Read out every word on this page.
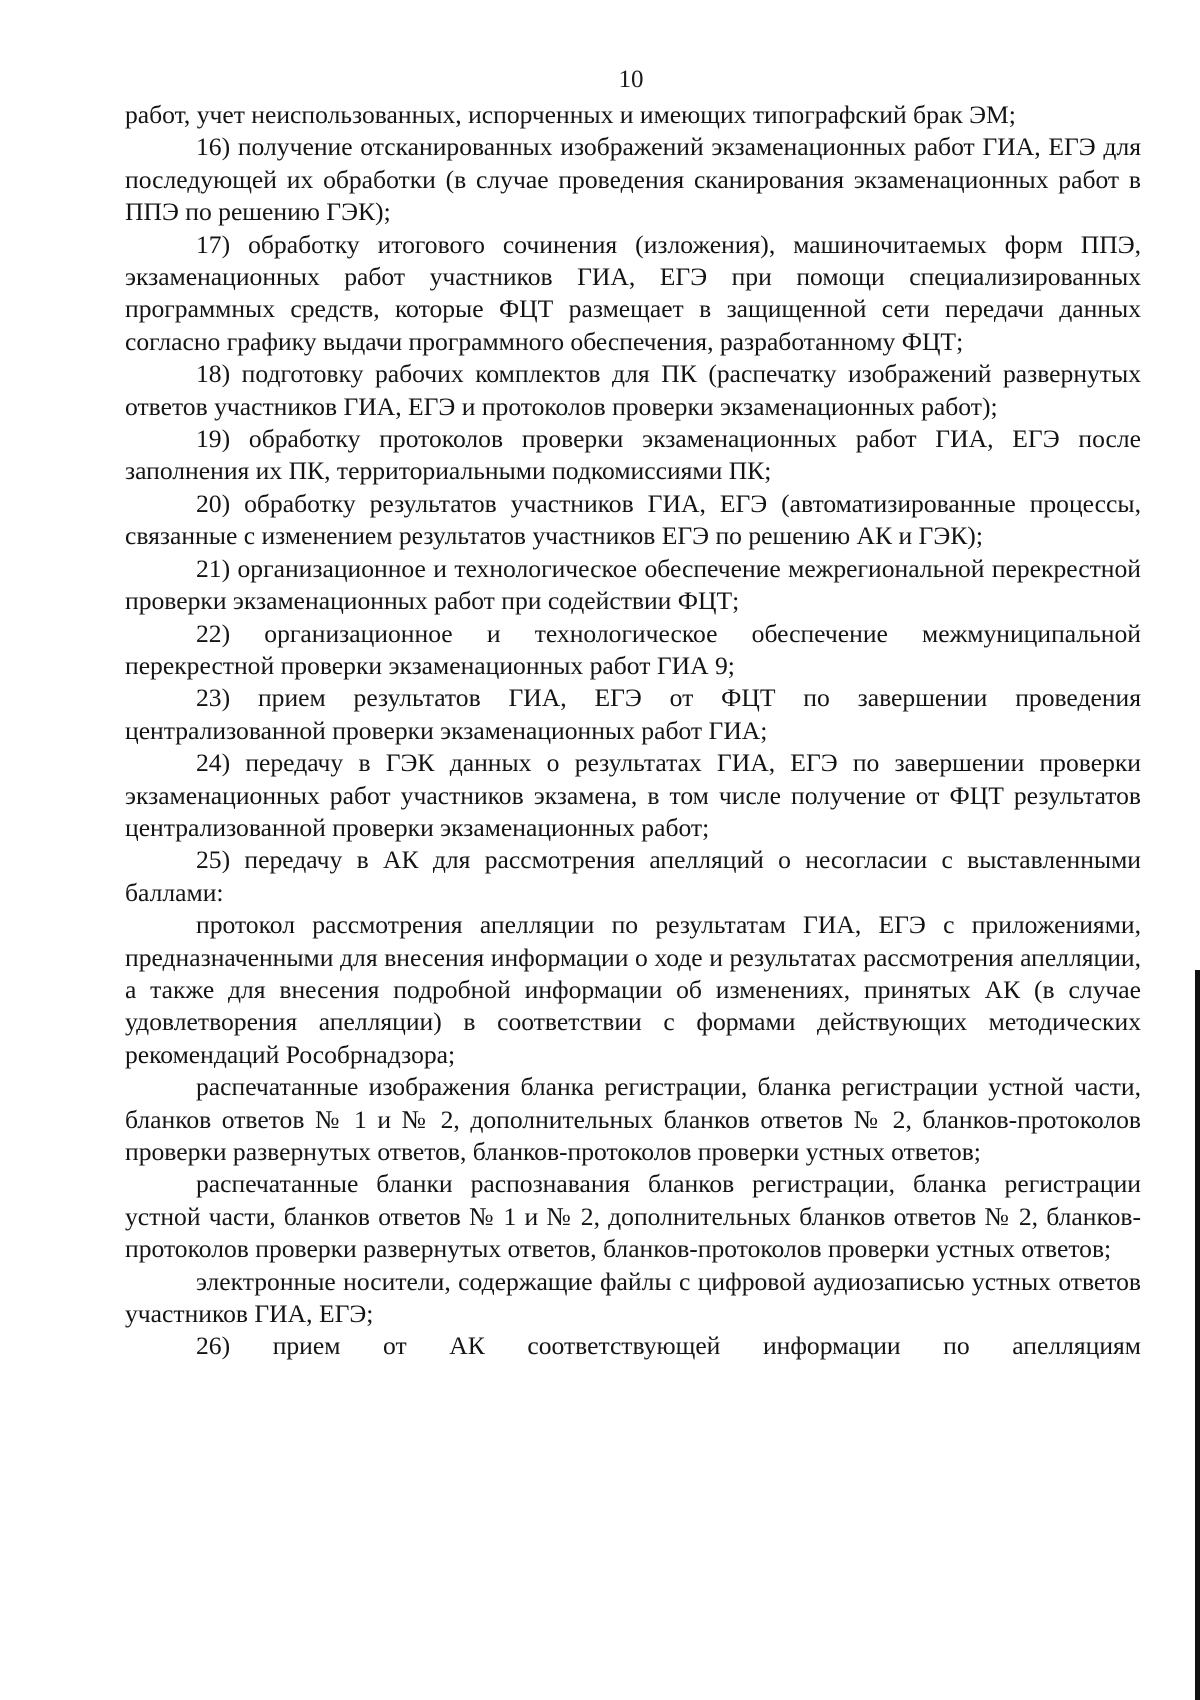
10

работ, учет неиспользованных, испорченных и имеющих типографский брак ЭМ;

16) получение отсканированных изображений экзаменационных работ ГИА, ЕГЭ для последующей их обработки (в случае проведения сканирования экзаменационных работ в ППЭ по решению ГЭК);

17) обработку итогового сочинения (изложения), машиночитаемых форм ППЭ, экзаменационных работ участников ГИА, ЕГЭ при помощи специализированных программных средств, которые ФЦТ размещает в защищенной сети передачи данных согласно графику выдачи программного обеспечения, разработанному ФЦТ;

18) подготовку рабочих комплектов для ПК (распечатку изображений развернутых ответов участников ГИА, ЕГЭ и протоколов проверки экзаменационных работ);

19) обработку протоколов проверки экзаменационных работ ГИА, ЕГЭ после заполнения их ПК, территориальными подкомиссиями ПК;

20) обработку результатов участников ГИА, ЕГЭ (автоматизированные процессы, связанные с изменением результатов участников ЕГЭ по решению АК и ГЭК);

21) организационное и технологическое обеспечение межрегиональной перекрестной проверки экзаменационных работ при содействии ФЦТ;

22) организационное и технологическое обеспечение межмуниципальной перекрестной проверки экзаменационных работ ГИА 9;

23) прием результатов ГИА, ЕГЭ от ФЦТ по завершении проведения централизованной проверки экзаменационных работ ГИА;

24) передачу в ГЭК данных о результатах ГИА, ЕГЭ по завершении проверки экзаменационных работ участников экзамена, в том числе получение от ФЦТ результатов централизованной проверки экзаменационных работ;

25) передачу в АК для рассмотрения апелляций о несогласии с выставленными баллами:

протокол рассмотрения апелляции по результатам ГИА, ЕГЭ с приложениями, предназначенными для внесения информации о ходе и результатах рассмотрения апелляции, а также для внесения подробной информации об изменениях, принятых АК (в случае удовлетворения апелляции) в соответствии с формами действующих методических рекомендаций Рособрнадзора;

распечатанные изображения бланка регистрации, бланка регистрации устной части, бланков ответов № 1 и № 2, дополнительных бланков ответов № 2, бланков-протоколов проверки развернутых ответов, бланков-протоколов проверки устных ответов;

распечатанные бланки распознавания бланков регистрации, бланка регистрации устной части, бланков ответов № 1 и № 2, дополнительных бланков ответов № 2, бланков-протоколов проверки развернутых ответов, бланков-протоколов проверки устных ответов;

электронные носители, содержащие файлы с цифровой аудиозаписью устных ответов участников ГИА, ЕГЭ;

26) прием от АК соответствующей информации по апелляциям
